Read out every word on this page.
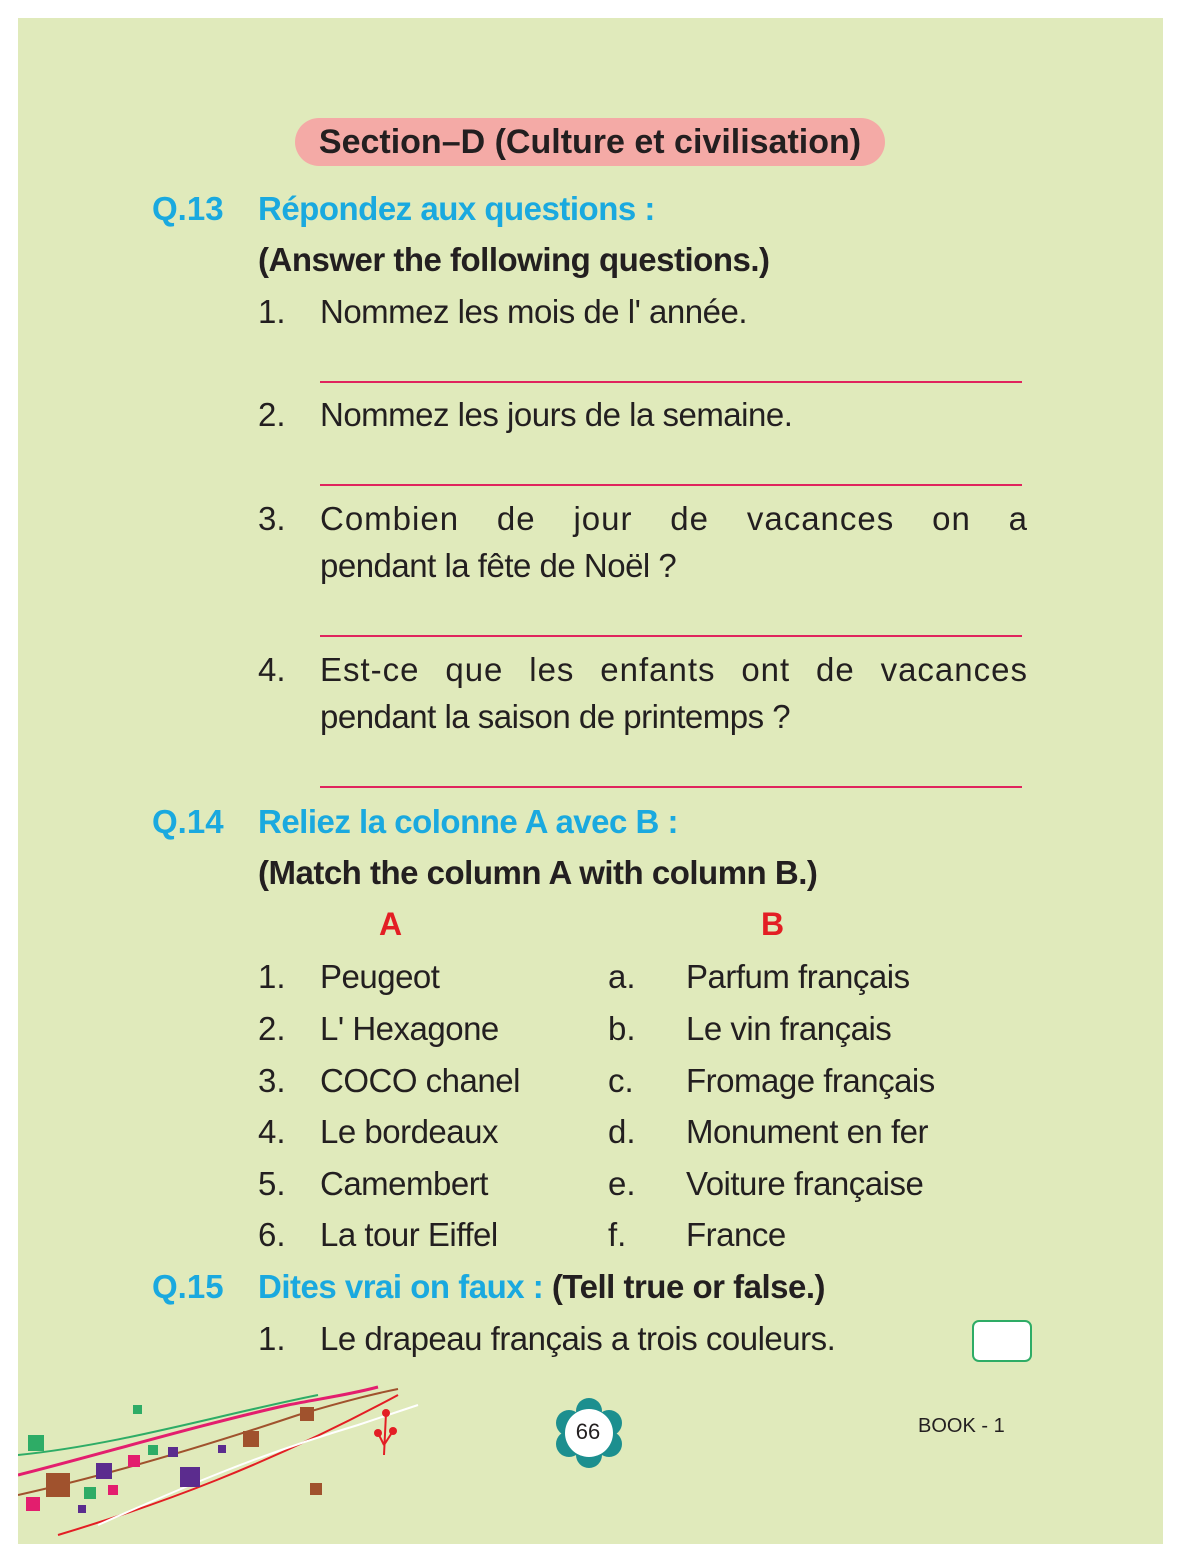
Section–D (Culture et civilisation)
Q.13 Répondez aux questions :
(Answer the following questions.)
1. Nommez les mois de l' année.
2. Nommez les jours de la semaine.
3. Combien de jour de vacances on a
pendant la fête de Noël ?
4. Est-ce que les enfants ont de vacances
pendant la saison de printemps ?
Q.14 Reliez la colonne A avec B :
(Match the column A with column B.)
A	B
1. Peugeot	a. Parfum français
2. L' Hexagone	b. Le vin français
3. COCO chanel	c. Fromage français
4. Le bordeaux	d. Monument en fer
5. Camembert	e. Voiture française
6. La tour Eiffel	f. France
Q.15 Dites vrai on faux : (Tell true or false.)
1. Le drapeau français a trois couleurs.
66	BOOK - 1
